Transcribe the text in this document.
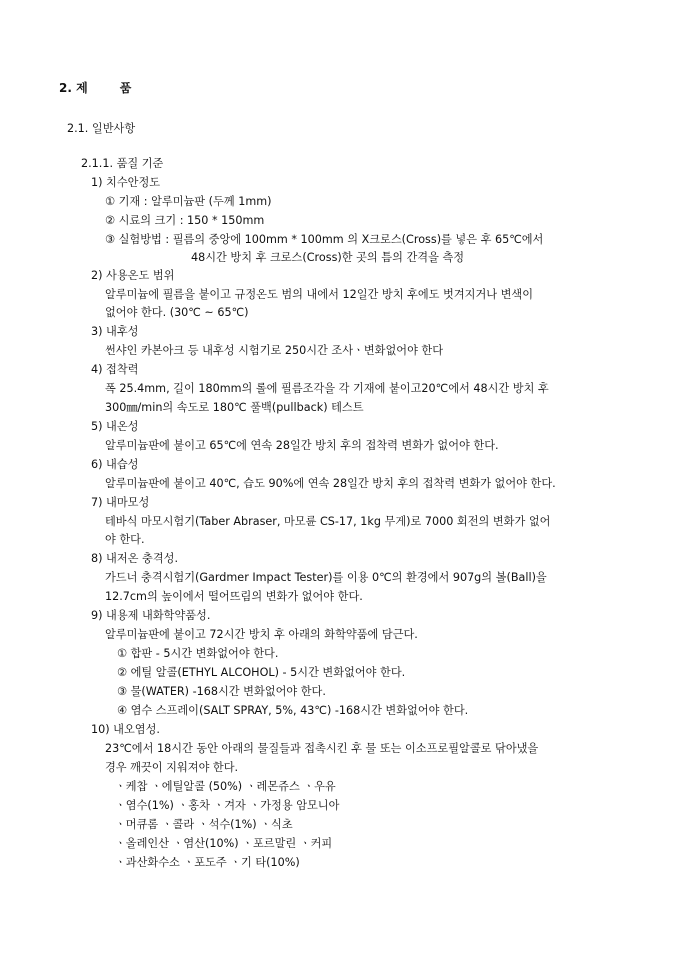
2. 제	품
2.1. 일반사항
2.1.1. 품질 기준
1) 치수안정도
① 기재 : 알루미늄판 (두께 1mm)
② 시료의 크기 : 150 * 150mm
③ 실험방법 : 필름의 중앙에 100mm * 100mm 의 X크로스(Cross)를 넣은 후 65℃에서
48시간 방치 후 크로스(Cross)한 곳의 틈의 간격을 측정
2) 사용온도 범위
알루미늄에 필름을 붙이고 규정온도 범의 내에서 12일간 방치 후에도 벗겨지거나 변색이
없어야 한다. (30℃ ~ 65℃)
3) 내후성
썬샤인 카본아크 등 내후성 시험기로 250시간 조사ㆍ변화없어야 한다
4) 접착력
폭 25.4mm, 길이 180mm의 롤에 필름조각을 각 기재에 붙이고20℃에서 48시간 방치 후
300㎜/min의 속도로 180℃ 풀백(pullback) 테스트
5) 내온성
알루미늄판에 붙이고 65℃에 연속 28일간 방치 후의 접착력 변화가 없어야 한다.
6) 내습성
알루미늄판에 붙이고 40℃, 습도 90%에 연속 28일간 방치 후의 접착력 변화가 없어야 한다.
7) 내마모성
테바식 마모시험기(Taber Abraser, 마모륜 CS-17, 1kg 무게)로 7000 회전의 변화가 없어
야 한다.
8) 내저온 충격성.
가드너 충격시험기(Gardmer Impact Tester)를 이용 0℃의 환경에서 907g의 볼(Ball)을
12.7cm의 높이에서 떨어뜨림의 변화가 없어야 한다.
9) 내용제 내화학약품성.
알루미늄판에 붙이고 72시간 방치 후 아래의 화학약품에 담근다.
① 합판 - 5시간 변화없어야 한다.
② 에틸 알콜(ETHYL ALCOHOL) - 5시간 변화없어야 한다.
③ 물(WATER) -168시간 변화없어야 한다.
④ 염수 스프레이(SALT SPRAY, 5%, 43℃) -168시간 변화없어야 한다.
10) 내오염성.
23℃에서 18시간 동안 아래의 물질들과 접촉시킨 후 물 또는 이소프로필알콜로 닦아냈을
경우 깨끗이 지워져야 한다.
ㆍ케찹 ㆍ에틸알콜 (50%) ㆍ레몬쥬스 ㆍ우유
ㆍ염수(1%) ㆍ홍차 ㆍ겨자 ㆍ가정용 암모니아
ㆍ머큐롬 ㆍ콜라 ㆍ석수(1%) ㆍ식초
ㆍ올레인산 ㆍ염산(10%) ㆍ포르말린 ㆍ커피
ㆍ과산화수소 ㆍ포도주 ㆍ기 타(10%)
